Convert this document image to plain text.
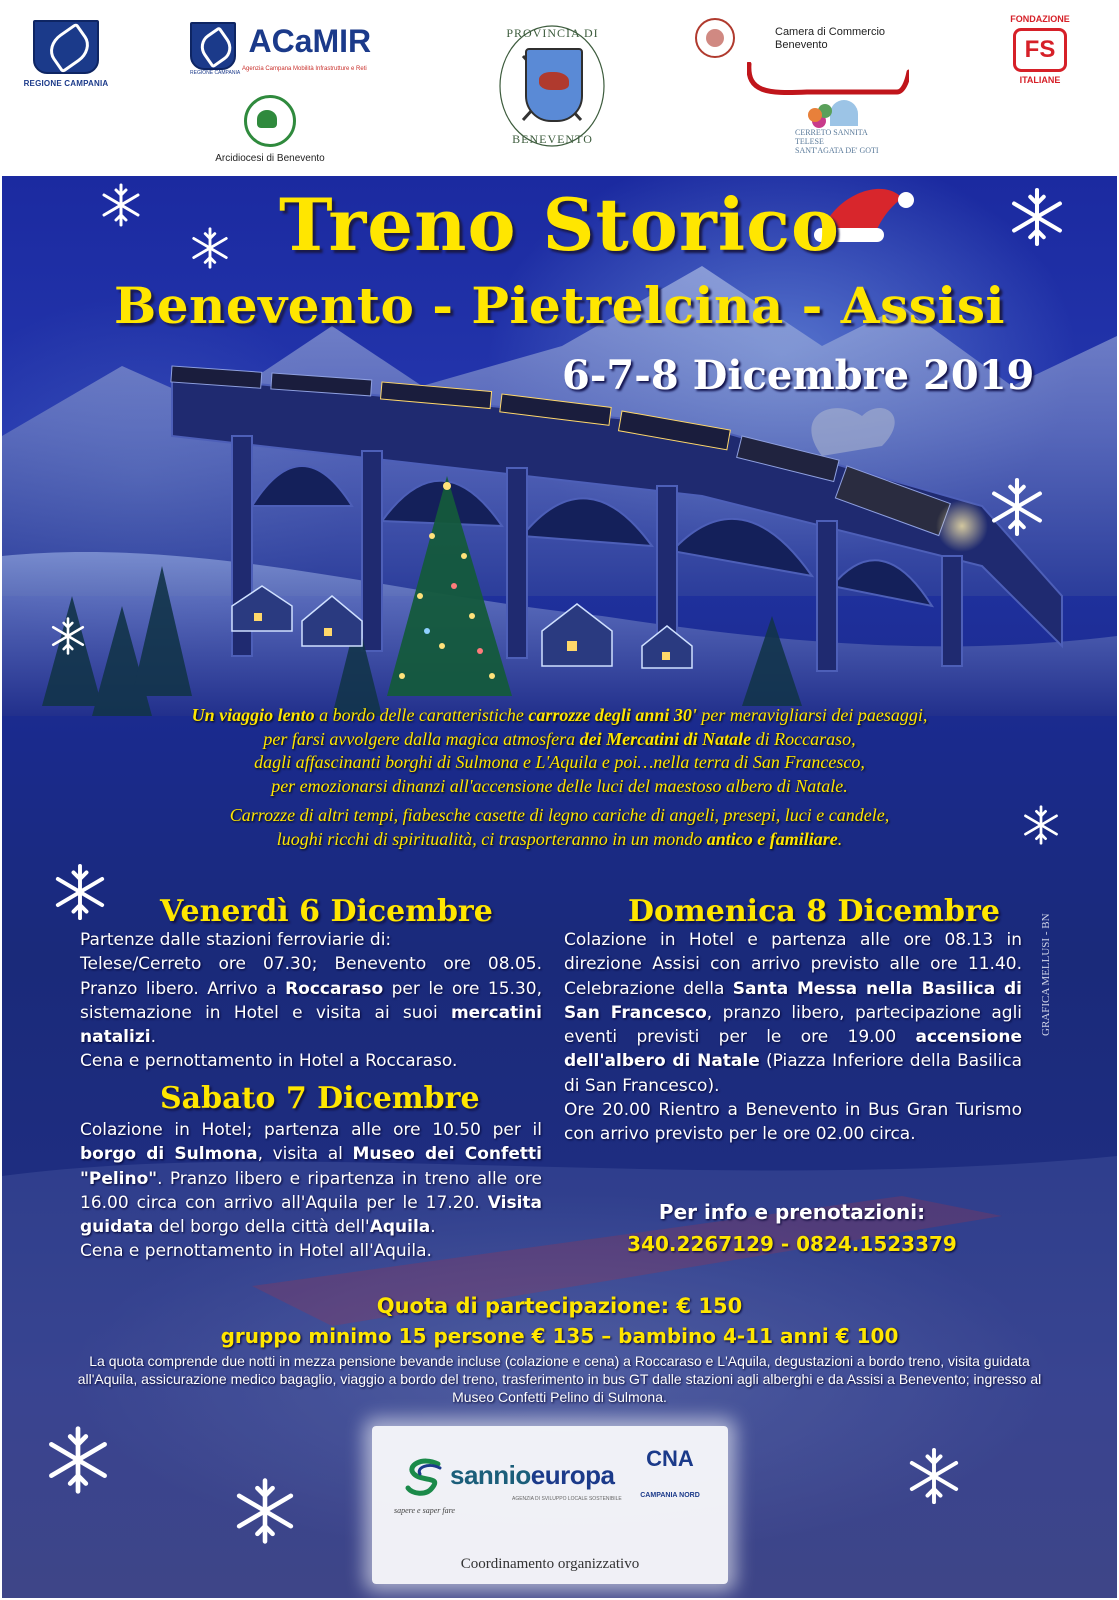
REGIONE CAMPANIA
ACaMIR
REGIONE CAMPANIA
Agenzia Campana Mobilità Infrastrutture e Reti
Arcidiocesi di Benevento
PROVINCIA DI
BENEVENTO
Camera di Commercio
Benevento
FONDAZIONE
FS
ITALIANE
CERRETO SANNITA
TELESE
SANT'AGATA DE' GOTI
Treno Storico
Benevento - Pietrelcina - Assisi
6-7-8 Dicembre 2019

Un viaggio lento a bordo delle caratteristiche carrozze degli anni 30' per meravigliarsi dei paesaggi,
per farsi avvolgere dalla magica atmosfera dei Mercatini di Natale di Roccaraso,
dagli affascinanti borghi di Sulmona e L'Aquila e poi…nella terra di San Francesco,
per emozionarsi dinanzi all'accensione delle luci del maestoso albero di Natale.

Carrozze di altri tempi, fiabesche casette di legno cariche di angeli, presepi, luci e candele,
luoghi ricchi di spiritualità, ci trasporteranno in un mondo antico e familiare.

Venerdì 6 Dicembre
Partenze dalle stazioni ferroviarie di:
Telese/Cerreto ore 07.30; Benevento ore 08.05. Pranzo libero. Arrivo a Roccaraso per le ore 15.30, sistemazione in Hotel e visita ai suoi mercatini natalizi.
Cena e pernottamento in Hotel a Roccaraso.
Sabato 7 Dicembre
Colazione in Hotel; partenza alle ore 10.50 per il borgo di Sulmona, visita al Museo dei Confetti "Pelino". Pranzo libero e ripartenza in treno alle ore 16.00 circa con arrivo all'Aquila per le 17.20. Visita guidata del borgo della città dell'Aquila.
Cena e pernottamento in Hotel all'Aquila.
Domenica 8 Dicembre
Colazione in Hotel e partenza alle ore 08.13 in direzione Assisi con arrivo previsto alle ore 11.40. Celebrazione della Santa Messa nella Basilica di San Francesco, pranzo libero, partecipazione agli eventi previsti per le ore 19.00 accensione dell'albero di Natale (Piazza Inferiore della Basilica di San Francesco).
Ore 20.00 Rientro a Benevento in Bus Gran Turismo con arrivo previsto per le ore 02.00 circa.
Per info e prenotazioni:
340.2267129 - 0824.1523379
Quota di partecipazione: € 150
gruppo minimo 15 persone € 135 – bambino 4-11 anni € 100
La quota comprende due notti in mezza pensione bevande incluse (colazione e cena) a Roccaraso e L'Aquila, degustazioni a bordo treno, visita guidata all'Aquila, assicurazione medico bagaglio, viaggio a bordo del treno, trasferimento in bus GT dalle stazioni agli alberghi e da Assisi a Benevento; ingresso al Museo Confetti Pelino di Sulmona.
sannioeuropa
AGENZIA DI SVILUPPO LOCALE SOSTENIBILE
sapere e saper fare
CNA
CAMPANIA NORD
Coordinamento organizzativo
GRAFICA MELLUSI - BN
